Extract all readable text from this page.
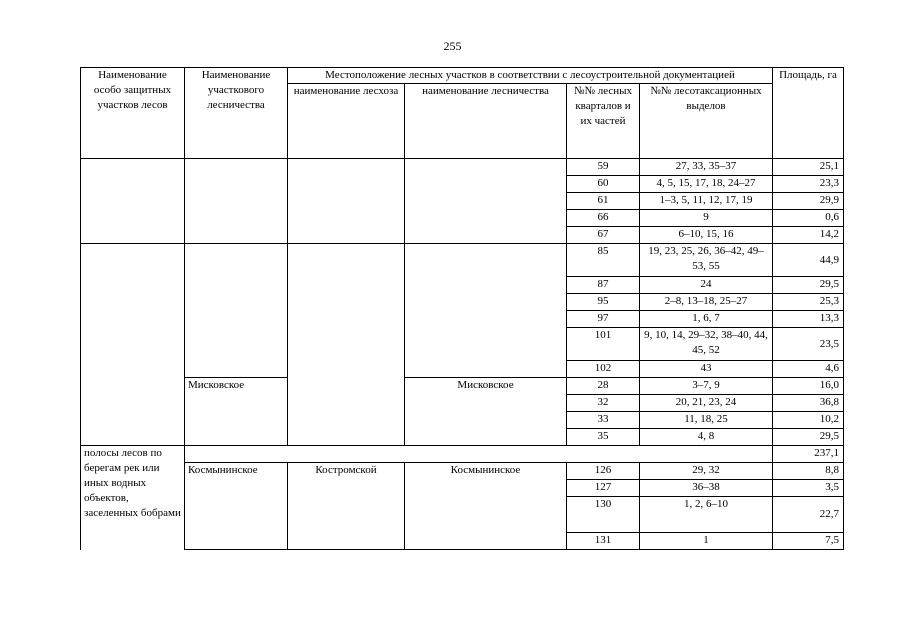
255
Наименование особо защитных участков лесов	Наименование участкового лесничества	Местоположение лесных участков в соответствии с лесоустроительной документацией				Площадь, га
		наименование лесхоза	наименование лесничества	№№ лесных кварталов и их частей	№№ лесотаксационных выделов	
				59	27, 33, 35–37	25,1
				60	4, 5, 15, 17, 18, 24–27	23,3
				61	1–3, 5, 11, 12, 17, 19	29,9
				66	9	0,6
				67	6–10, 15, 16	14,2
				85	19, 23, 25, 26, 36–42, 49–53, 55	44,9
				87	24	29,5
				95	2–8, 13–18, 25–27	25,3
				97	1, 6, 7	13,3
				101	9, 10, 14, 29–32, 38–40, 44, 45, 52	23,5
				102	43	4,6
	Мисковское		Мисковское	28	3–7, 9	16,0
				32	20, 21, 23, 24	36,8
				33	11, 18, 25	10,2
				35	4, 8	29,5
полосы лесов по берегам рек или иных водных объектов, заселенных бобрами						237,1
	Космынинское	Костромской	Космынинское	126	29, 32	8,8
				127	36–38	3,5
				130	1, 2, 6–10	22,7
				131	1	7,5
